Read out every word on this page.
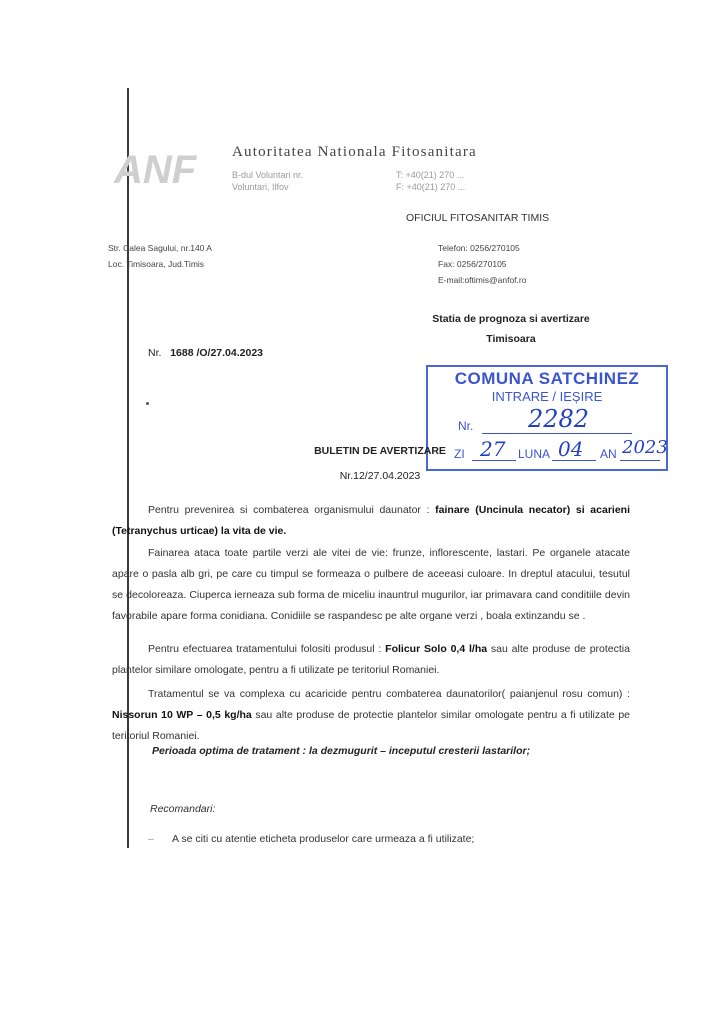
ANF Autoritatea Nationala Fitosanitara
B-dul Voluntari nr.
Voluntari, Ilfov
T: +40(21) 270 ...
F: +40(21) 270 ...
OFICIUL FITOSANITAR TIMIS
Str. Calea Sagului, nr.140 A
Loc. Timisoara, Jud.Timis
Telefon: 0256/270105
Fax: 0256/270105
E-mail:oftimis@anfof.ro
Statia de prognoza si avertizare
Timisoara
Nr. 1688 /O/27.04.2023
COMUNA SATCHINEZ
INTRARE / IEȘIRE
Nr. 2282
ZI 27 LUNA 04 AN 2023
BULETIN DE AVERTIZARE
Nr.12/27.04.2023
Pentru prevenirea si combaterea organismului daunator : fainare (Uncinula necator) si acarieni (Tetranychus urticae) la vita de vie.
Fainarea ataca toate partile verzi ale vitei de vie: frunze, inflorescente, lastari. Pe organele atacate apare o pasla alb gri, pe care cu timpul se formeaza o pulbere de aceeasi culoare. In dreptul atacului, tesutul se decoloreaza. Ciuperca ierneaza sub forma de miceliu inauntrul mugurilor, iar primavara cand conditiile devin favorabile apare forma conidiana. Conidiile se raspandesc pe alte organe verzi , boala extinzandu se .
Pentru efectuarea tratamentului folositi produsul : Folicur Solo 0,4 l/ha sau alte produse de protectia plantelor similare omologate, pentru a fi utilizate pe teritoriul Romaniei.
Tratamentul se va complexa cu acaricide pentru combaterea daunatorilor( paianjenul rosu comun) : Nissorun 10 WP – 0,5 kg/ha sau alte produse de protectie plantelor similar omologate pentru a fi utilizate pe teritoriul Romaniei.
Perioada optima de tratament : la dezmugurit – inceputul cresterii lastarilor;
Recomandari:
– A se citi cu atentie eticheta produselor care urmeaza a fi utilizate;
